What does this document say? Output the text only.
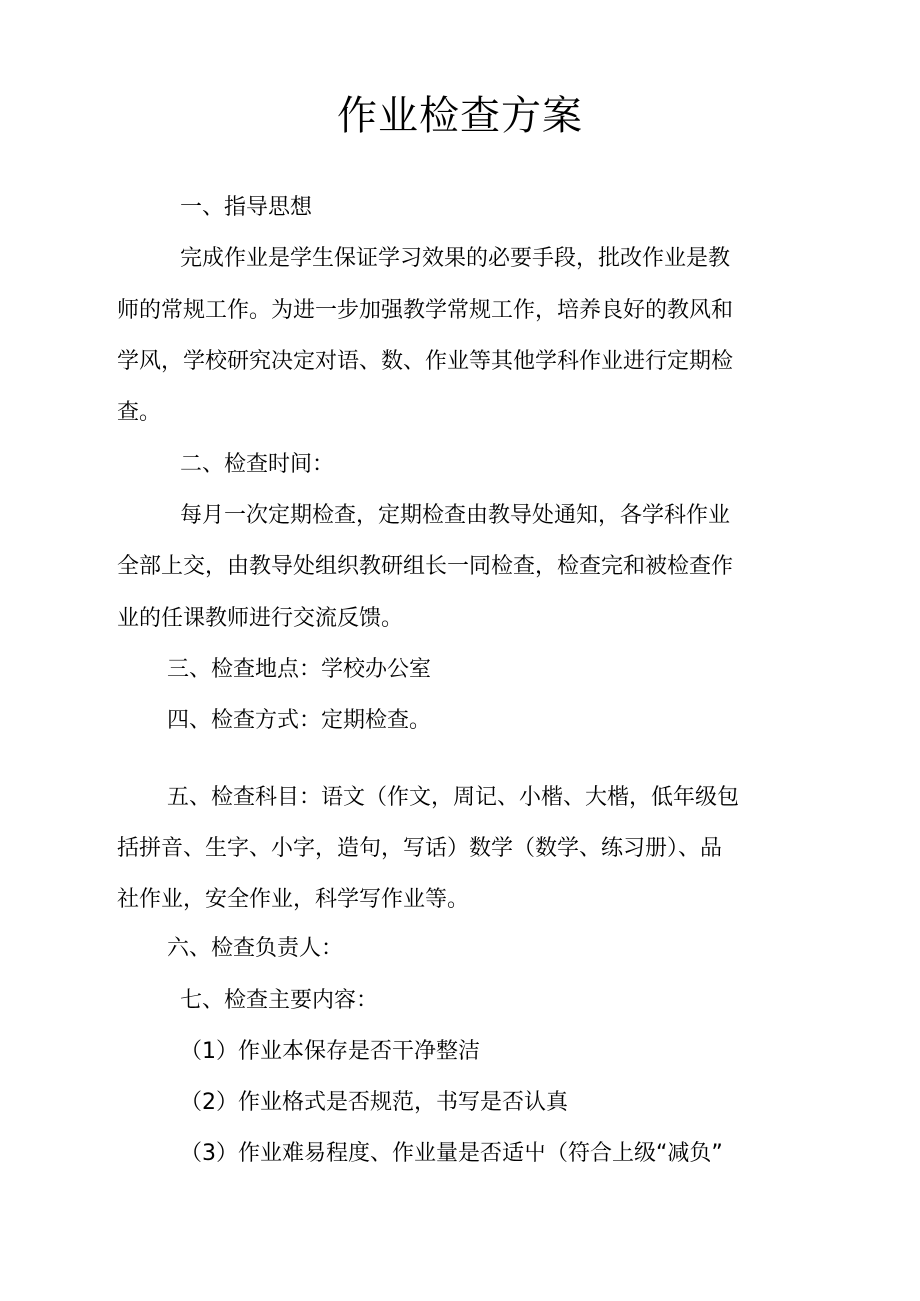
作业检查方案
一、指导思想
完成作业是学生保证学习效果的必要手段，批改作业是教
师的常规工作。为进一步加强教学常规工作，培养良好的教风和
学风，学校研究决定对语、数、作业等其他学科作业进行定期检
查。
二、检查时间：
每月一次定期检查，定期检查由教导处通知，各学科作业
全部上交，由教导处组织教研组长一同检查，检查完和被检查作
业的任课教师进行交流反馈。
三、检查地点：学校办公室
四、检查方式：定期检查。
五、检查科目：语文（作文，周记、小楷、大楷，低年级包
括拼音、生字、小字，造句，写话）数学（数学、练习册）、品
社作业，安全作业，科学写作业等。
六、检查负责人：
七、检查主要内容：
（1）作业本保存是否干净整洁
（2）作业格式是否规范，书写是否认真
（3）作业难易程度、作业量是否适屮（符合上级“减负”
